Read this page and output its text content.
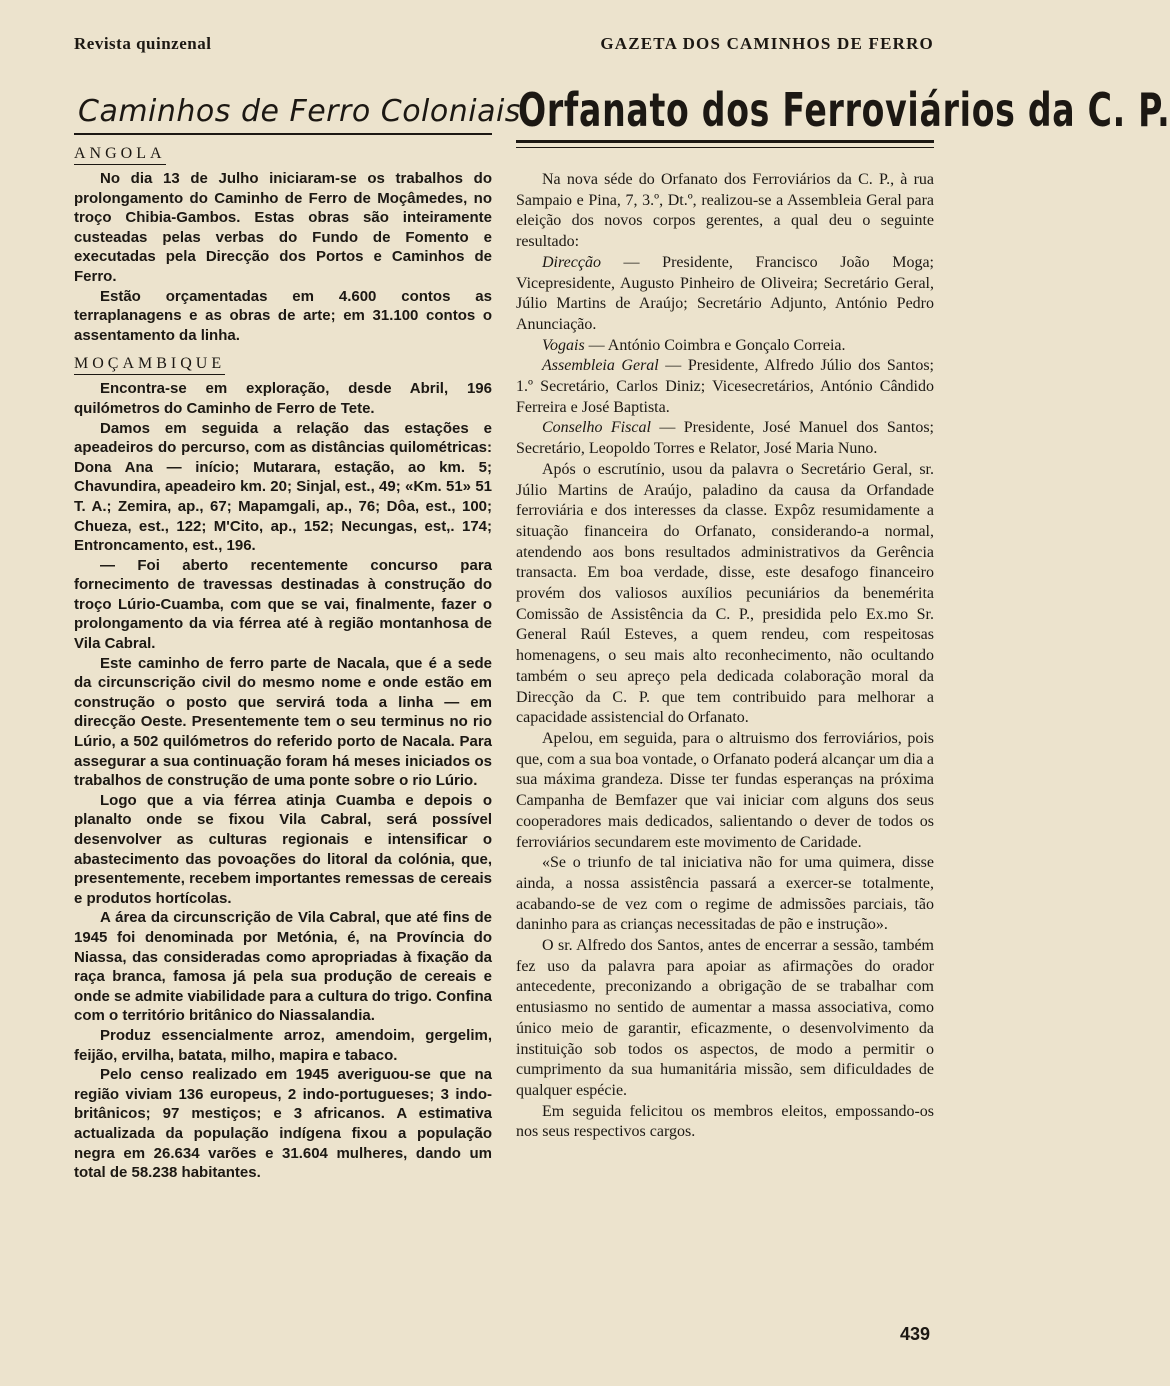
Revista quinzenal	GAZETA DOS CAMINHOS DE FERRO
Caminhos de Ferro Coloniais
ANGOLA

No dia 13 de Julho iniciaram-se os trabalhos do prolongamento do Caminho de Ferro de Moçâmedes, no troço Chibia-Gambos. Estas obras são inteiramente custeadas pelas verbas do Fundo de Fomento e executadas pela Direcção dos Portos e Caminhos de Ferro.

Estão orçamentadas em 4.600 contos as terraplanagens e as obras de arte; em 31.100 contos o assentamento da linha.

MOÇAMBIQUE

Encontra-se em exploração, desde Abril, 196 quilómetros do Caminho de Ferro de Tete.

Damos em seguida a relação das estações e apeadeiros do percurso, com as distâncias quilométricas: Dona Ana — início; Mutarara, estação, ao km. 5; Chavundira, apeadeiro km. 20; Sinjal, est., 49; «Km. 51» 51 T. A.; Zemira, ap., 67; Mapamgali, ap., 76; Dôa, est., 100; Chueza, est., 122; M'Cito, ap., 152; Necungas, est,. 174; Entroncamento, est., 196.

— Foi aberto recentemente concurso para fornecimento de travessas destinadas à construção do troço Lúrio-Cuamba, com que se vai, finalmente, fazer o prolongamento da via férrea até à região montanhosa de Vila Cabral.

Este caminho de ferro parte de Nacala, que é a sede da circunscrição civil do mesmo nome e onde estão em construção o posto que servirá toda a linha — em direcção Oeste. Presentemente tem o seu terminus no rio Lúrio, a 502 quilómetros do referido porto de Nacala. Para assegurar a sua continuação foram há meses iniciados os trabalhos de construção de uma ponte sobre o rio Lúrio.

Logo que a via férrea atinja Cuamba e depois o planalto onde se fixou Vila Cabral, será possível desenvolver as culturas regionais e intensificar o abastecimento das povoações do litoral da colónia, que, presentemente, recebem importantes remessas de cereais e produtos hortícolas.

A área da circunscrição de Vila Cabral, que até fins de 1945 foi denominada por Metónia, é, na Província do Niassa, das consideradas como apropriadas à fixação da raça branca, famosa já pela sua produção de cereais e onde se admite viabilidade para a cultura do trigo. Confina com o território britânico do Niassalandia.

Produz essencialmente arroz, amendoim, gergelim, feijão, ervilha, batata, milho, mapira e tabaco.

Pelo censo realizado em 1945 averiguou-se que na região viviam 136 europeus, 2 indo-portugueses; 3 indo-britânicos; 97 mestiços; e 3 africanos. A estimativa actualizada da população indígena fixou a população negra em 26.634 varões e 31.604 mulheres, dando um total de 58.238 habitantes.

Orfanato dos Ferroviários da C. P.

Na nova séde do Orfanato dos Ferroviários da C. P., à rua Sampaio e Pina, 7, 3.º, Dt.º, realizou-se a Assembleia Geral para eleição dos novos corpos gerentes, a qual deu o seguinte resultado:

Direcção — Presidente, Francisco João Moga; Vicepresidente, Augusto Pinheiro de Oliveira; Secretário Geral, Júlio Martins de Araújo; Secretário Adjunto, António Pedro Anunciação.

Vogais — António Coimbra e Gonçalo Correia.

Assembleia Geral — Presidente, Alfredo Júlio dos Santos; 1.º Secretário, Carlos Diniz; Vicesecretários, António Cândido Ferreira e José Baptista.

Conselho Fiscal — Presidente, José Manuel dos Santos; Secretário, Leopoldo Torres e Relator, José Maria Nuno.

Após o escrutínio, usou da palavra o Secretário Geral, sr. Júlio Martins de Araújo, paladino da causa da Orfandade ferroviária e dos interesses da classe. Expôz resumidamente a situação financeira do Orfanato, considerando-a normal, atendendo aos bons resultados administrativos da Gerência transacta. Em boa verdade, disse, este desafogo financeiro provém dos valiosos auxílios pecuniários da benemérita Comissão de Assistência da C. P., presidida pelo Ex.mo Sr. General Raúl Esteves, a quem rendeu, com respeitosas homenagens, o seu mais alto reconhecimento, não ocultando também o seu apreço pela dedicada colaboração moral da Direcção da C. P. que tem contribuido para melhorar a capacidade assistencial do Orfanato.

Apelou, em seguida, para o altruismo dos ferroviários, pois que, com a sua boa vontade, o Orfanato poderá alcançar um dia a sua máxima grandeza. Disse ter fundas esperanças na próxima Campanha de Bemfazer que vai iniciar com alguns dos seus cooperadores mais dedicados, salientando o dever de todos os ferroviários secundarem este movimento de Caridade.

«Se o triunfo de tal iniciativa não for uma quimera, disse ainda, a nossa assistência passará a exercer-se totalmente, acabando-se de vez com o regime de admissões parciais, tão daninho para as crianças necessitadas de pão e instrução».

O sr. Alfredo dos Santos, antes de encerrar a sessão, também fez uso da palavra para apoiar as afirmações do orador antecedente, preconizando a obrigação de se trabalhar com entusiasmo no sentido de aumentar a massa associativa, como único meio de garantir, eficazmente, o desenvolvimento da instituição sob todos os aspectos, de modo a permitir o cumprimento da sua humanitária missão, sem dificuldades de qualquer espécie.

Em seguida felicitou os membros eleitos, empossando-os nos seus respectivos cargos.

439
